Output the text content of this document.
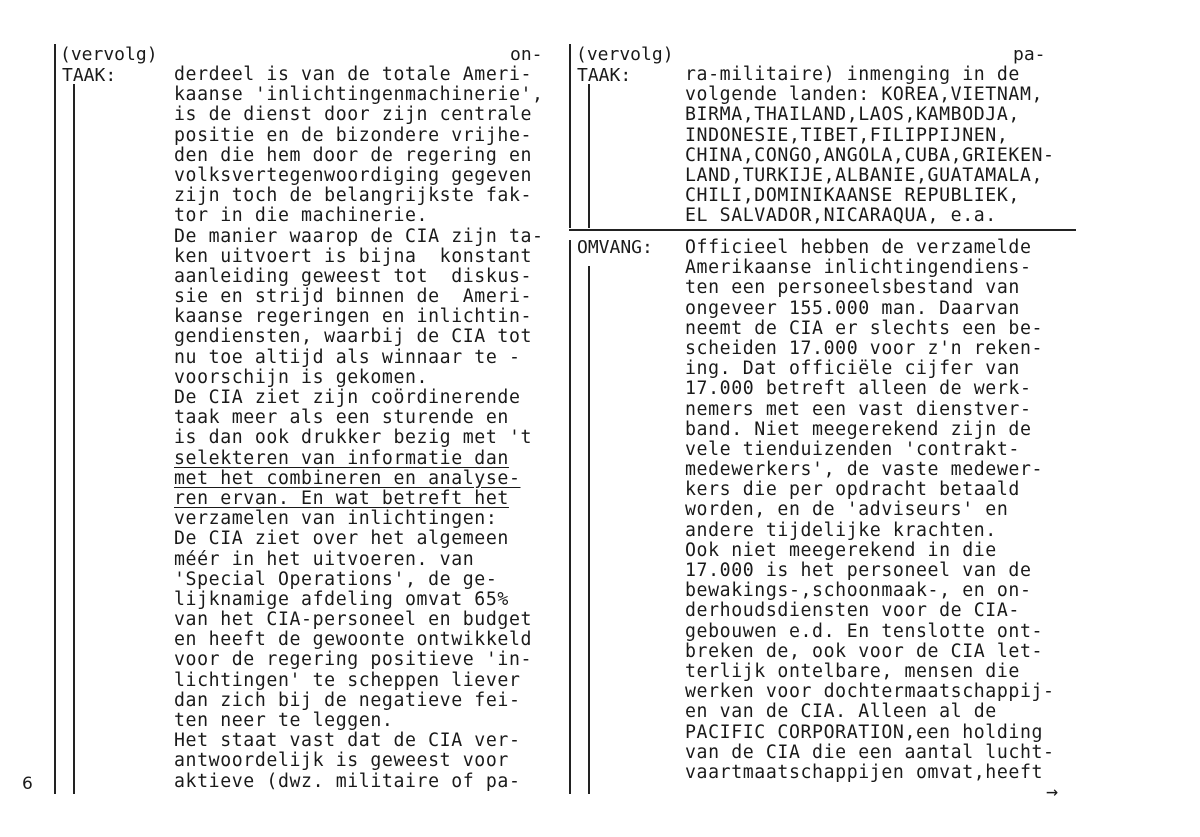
(vervolg)
TAAK:
on-
derdeel is van de totale Ameri-
kaanse 'inlichtingenmachinerie',
is de dienst door zijn centrale
positie en de bizondere vrijhe-
den die hem door de regering en
volksvertegenwoordiging gegeven
zijn toch de belangrijkste fak-
tor in die machinerie.
De manier waarop de CIA zijn ta-
ken uitvoert is bijna  konstant
aanleiding geweest tot  diskus-
sie en strijd binnen de  Ameri-
kaanse regeringen en inlichtin-
gendiensten, waarbij de CIA tot
nu toe altijd als winnaar te -
voorschijn is gekomen.
De CIA ziet zijn coördinerende
taak meer als een sturende en
is dan ook drukker bezig met 't
selekteren van informatie dan
met het combineren en analyse-
ren ervan. En wat betreft het
verzamelen van inlichtingen:
De CIA ziet over het algemeen
méér in het uitvoeren. van
'Special Operations', de ge-
lijknamige afdeling omvat 65%
van het CIA-personeel en budget
en heeft de gewoonte ontwikkeld
voor de regering positieve 'in-
lichtingen' te scheppen liever
dan zich bij de negatieve fei-
ten neer te leggen.
Het staat vast dat de CIA ver-
antwoordelijk is geweest voor
aktieve (dwz. militaire of pa-
(vervolg)
TAAK:
pa-
ra-militaire) inmenging in de
volgende landen: KOREA,VIETNAM,
BIRMA,THAILAND,LAOS,KAMBODJA,
INDONESIE,TIBET,FILIPPIJNEN,
CHINA,CONGO,ANGOLA,CUBA,GRIEKEN-
LAND,TURKIJE,ALBANIE,GUATAMALA,
CHILI,DOMINIKAANSE REPUBLIEK,
EL SALVADOR,NICARAQUA, e.a.
OMVANG: Officieel hebben de verzamelde
Amerikaanse inlichtingendiens-
ten een personeelsbestand van
ongeveer 155.000 man. Daarvan
neemt de CIA er slechts een be-
scheiden 17.000 voor z'n reken-
ing. Dat officiële cijfer van
17.000 betreft alleen de werk-
nemers met een vast dienstver-
band. Niet meegerekend zijn de
vele tienduizenden 'contrakt-
medewerkers', de vaste medewer-
kers die per opdracht betaald
worden, en de 'adviseurs' en
andere tijdelijke krachten.
Ook niet meegerekend in die
17.000 is het personeel van de
bewakings-,schoonmaak-, en on-
derhoudsdiensten voor de CIA-
gebouwen e.d. En tenslotte ont-
breken de, ook voor de CIA let-
terlijk ontelbare, mensen die
werken voor dochtermaatschappij-
en van de CIA. Alleen al de
PACIFIC CORPORATION,een holding
van de CIA die een aantal lucht-
vaartmaatschappijen omvat,heeft
→
6
